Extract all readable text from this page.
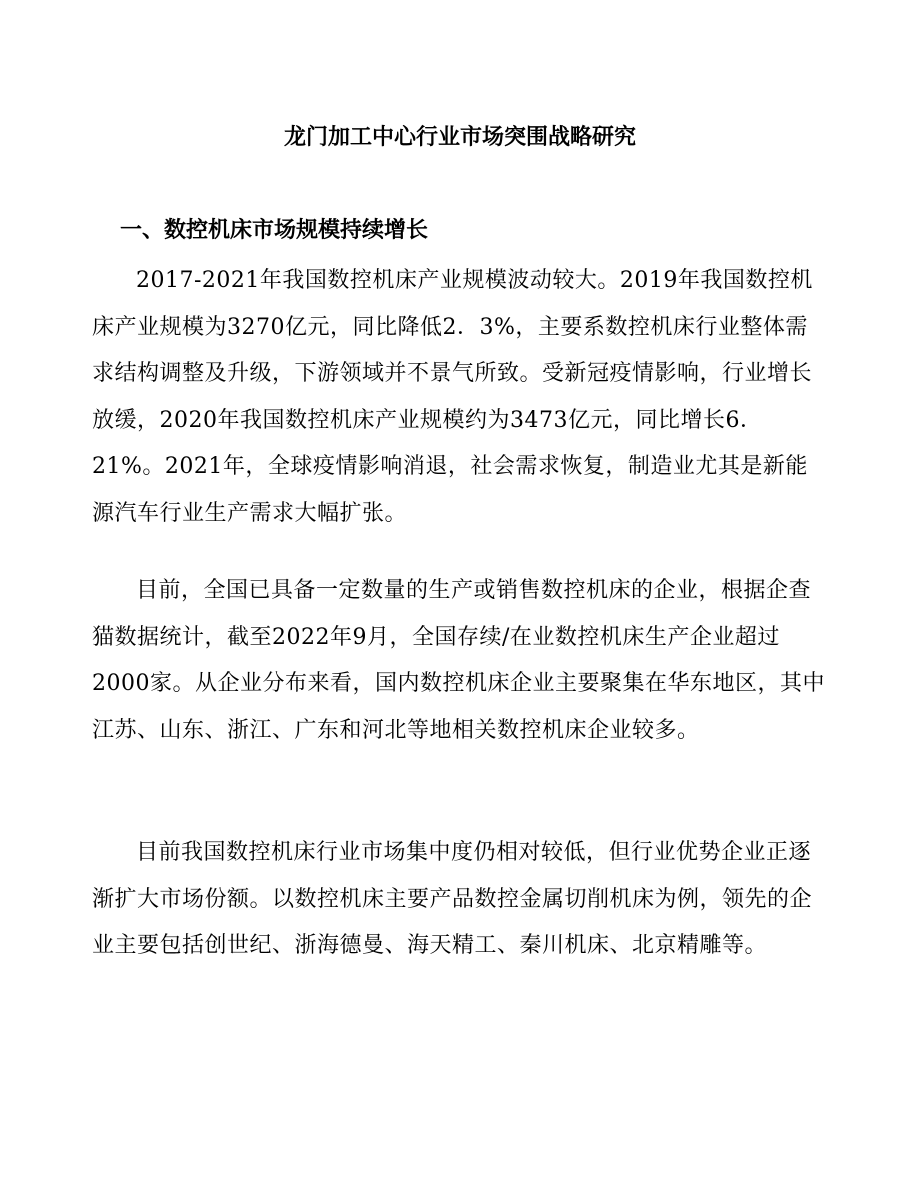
龙门加工中心行业市场突围战略研究
一、数控机床市场规模持续增长

2017-2021年我国数控机床产业规模波动较大。2019年我国数控机床产业规模为3270亿元，同比降低2．3%，主要系数控机床行业整体需求结构调整及升级，下游领域并不景气所致。受新冠疫情影响，行业增长放缓，2020年我国数控机床产业规模约为3473亿元，同比增长6．21%。2021年，全球疫情影响消退，社会需求恢复，制造业尤其是新能源汽车行业生产需求大幅扩张。

目前，全国已具备一定数量的生产或销售数控机床的企业，根据企查猫数据统计，截至2022年9月，全国存续/在业数控机床生产企业超过2000家。从企业分布来看，国内数控机床企业主要聚集在华东地区，其中江苏、山东、浙江、广东和河北等地相关数控机床企业较多。

目前我国数控机床行业市场集中度仍相对较低，但行业优势企业正逐渐扩大市场份额。以数控机床主要产品数控金属切削机床为例，领先的企业主要包括创世纪、浙海德曼、海天精工、秦川机床、北京精雕等。
